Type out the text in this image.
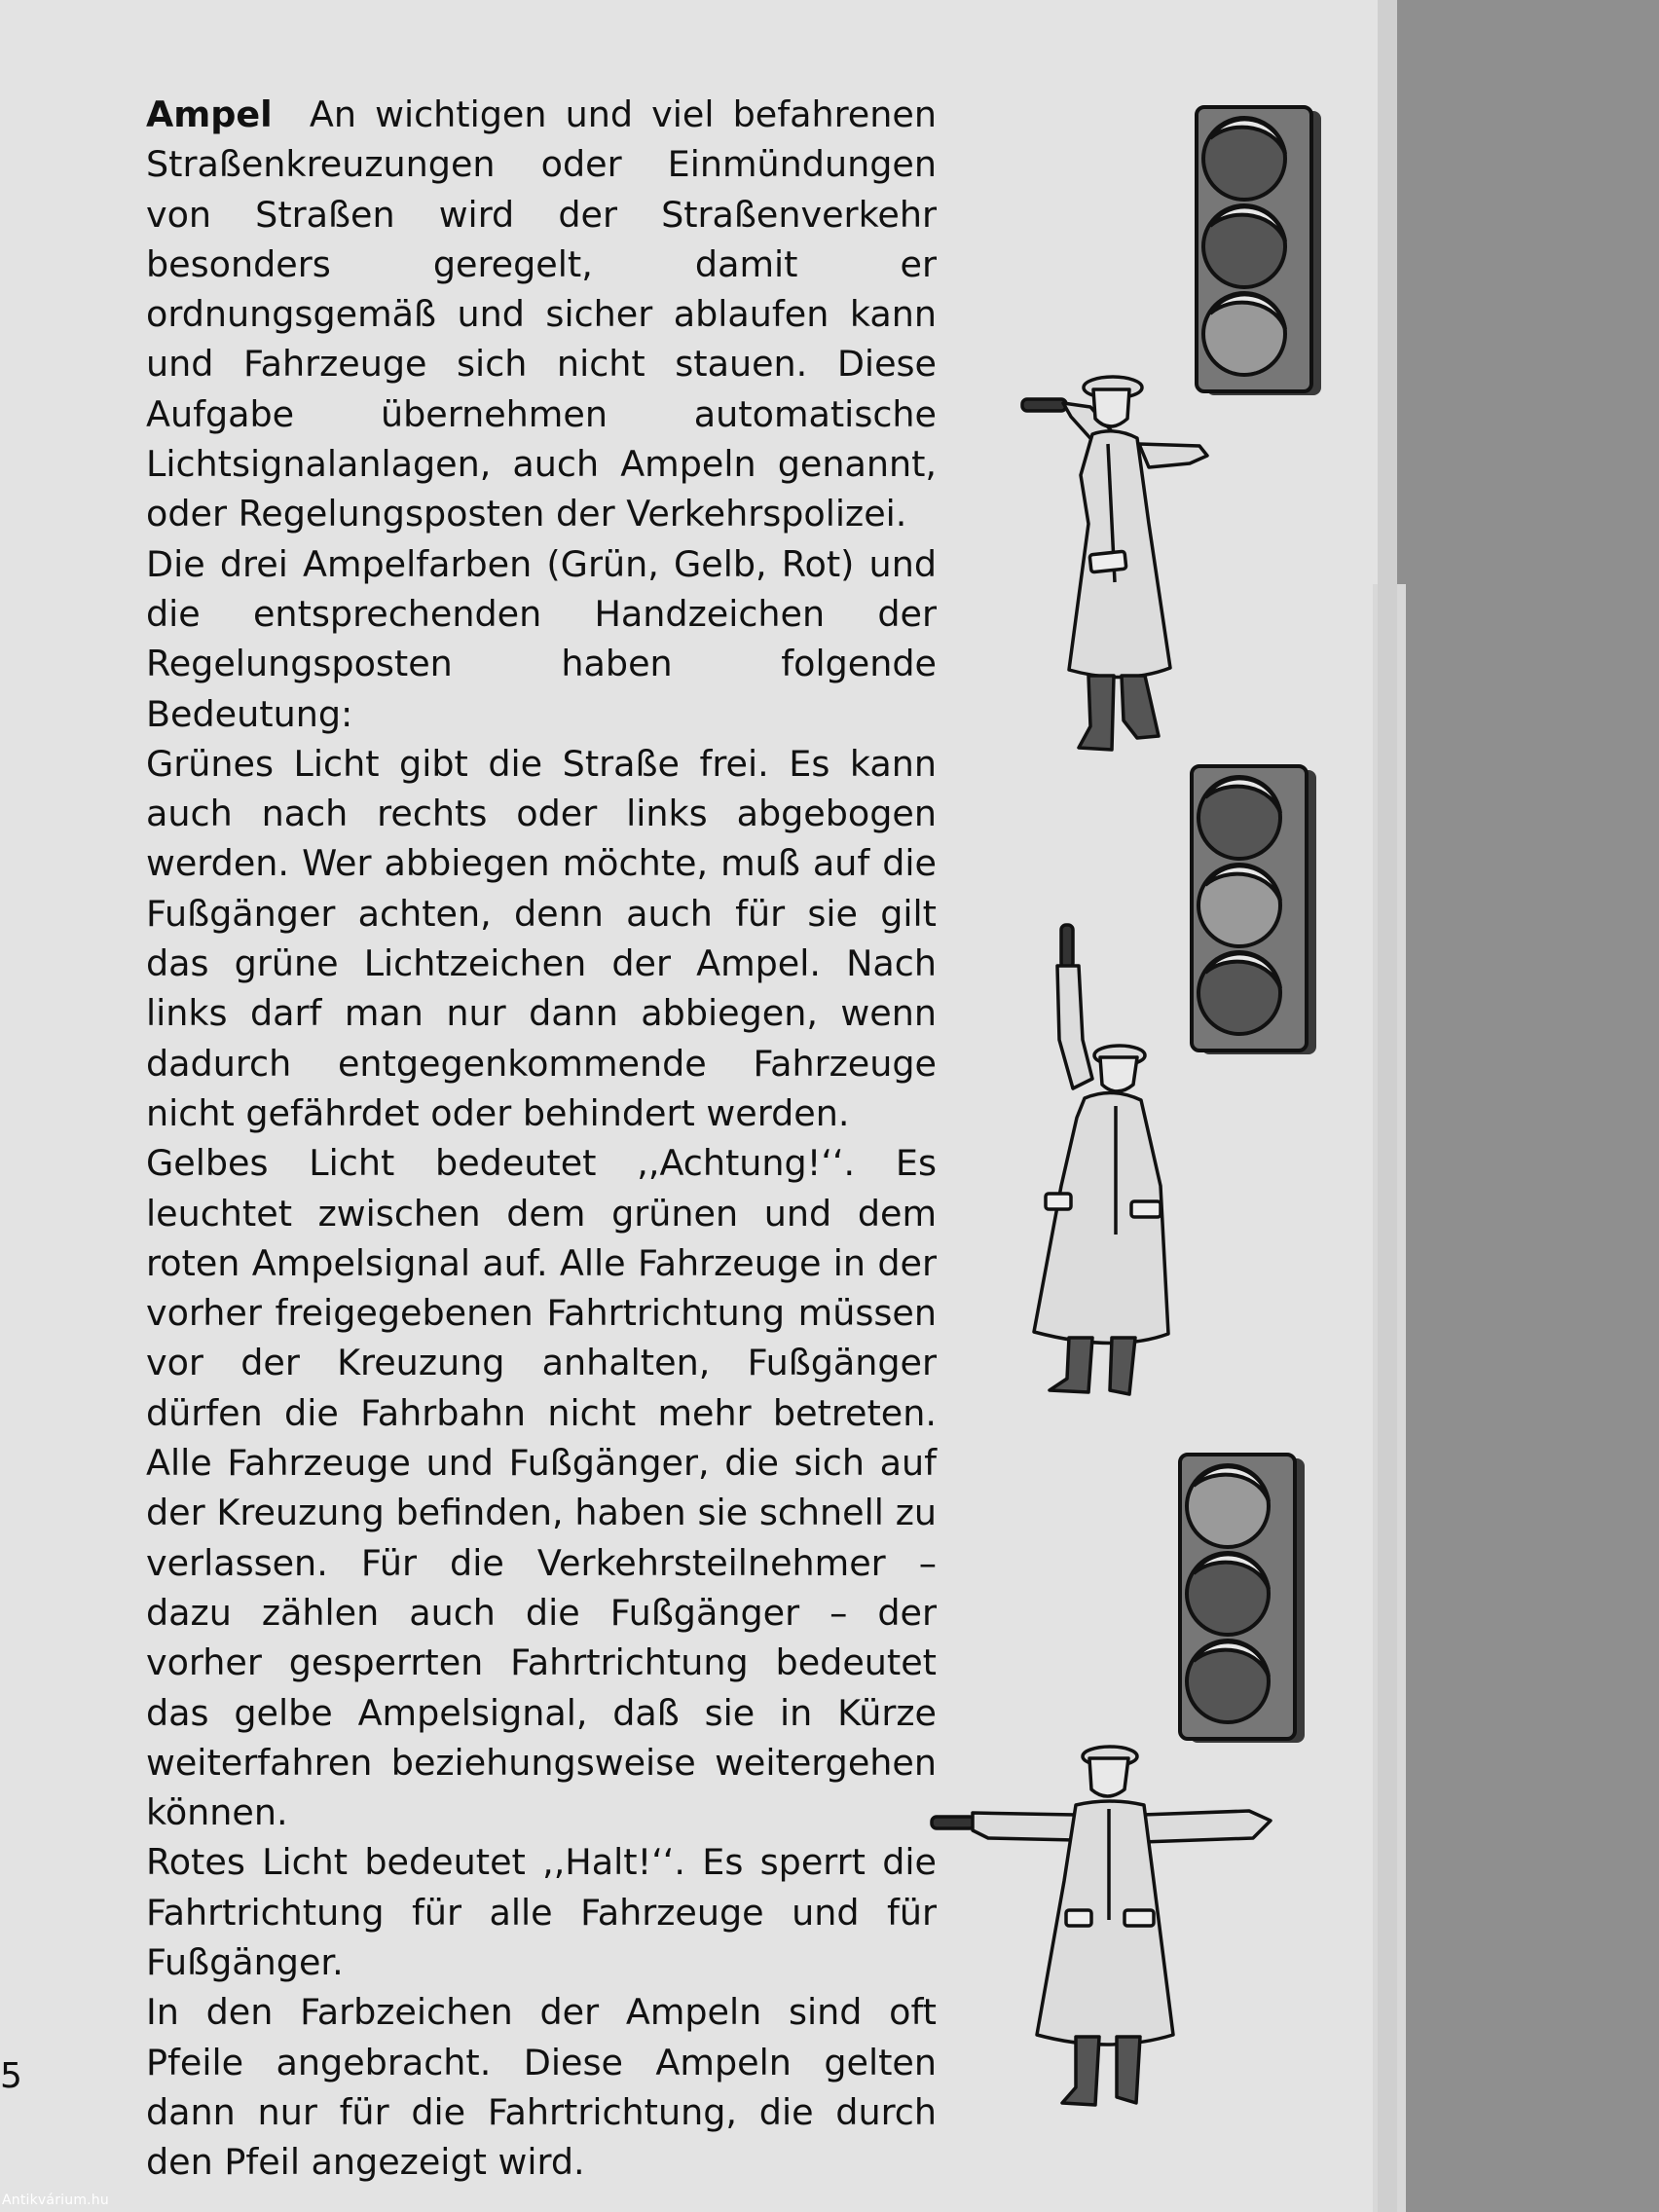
Ampel An wichtigen und viel befahrenen Straßenkreuzungen oder Einmündungen von Straßen wird der Straßenverkehr besonders geregelt, damit er ordnungsgemäß und sicher ablaufen kann und Fahrzeuge sich nicht stauen. Diese Aufgabe übernehmen automatische Lichtsignalanlagen, auch Ampeln genannt, oder Regelungsposten der Verkehrspolizei.

Die drei Ampelfarben (Grün, Gelb, Rot) und die entsprechenden Handzeichen der Regelungsposten haben folgende Bedeutung:

Grünes Licht gibt die Straße frei. Es kann auch nach rechts oder links abgebogen werden. Wer abbiegen möchte, muß auf die Fußgänger achten, denn auch für sie gilt das grüne Lichtzeichen der Ampel. Nach links darf man nur dann abbiegen, wenn dadurch entgegenkommende Fahrzeuge nicht gefährdet oder behindert werden.

Gelbes Licht bedeutet ,,Achtung!‘‘. Es leuchtet zwischen dem grünen und dem roten Ampelsignal auf. Alle Fahrzeuge in der vorher freigegebenen Fahrtrichtung müssen vor der Kreuzung anhalten, Fußgänger dürfen die Fahrbahn nicht mehr betreten. Alle Fahrzeuge und Fußgänger, die sich auf der Kreuzung befinden, haben sie schnell zu verlassen. Für die Verkehrsteilnehmer – dazu zählen auch die Fußgänger – der vorher gesperrten Fahrtrichtung bedeutet das gelbe Ampelsignal, daß sie in Kürze weiterfahren beziehungsweise weitergehen können.

Rotes Licht bedeutet ,,Halt!‘‘. Es sperrt die Fahrtrichtung für alle Fahrzeuge und für Fußgänger.

In den Farbzeichen der Ampeln sind oft Pfeile angebracht. Diese Ampeln gelten dann nur für die Fahrtrichtung, die durch den Pfeil angezeigt wird.

5
Antikvárium.hu
